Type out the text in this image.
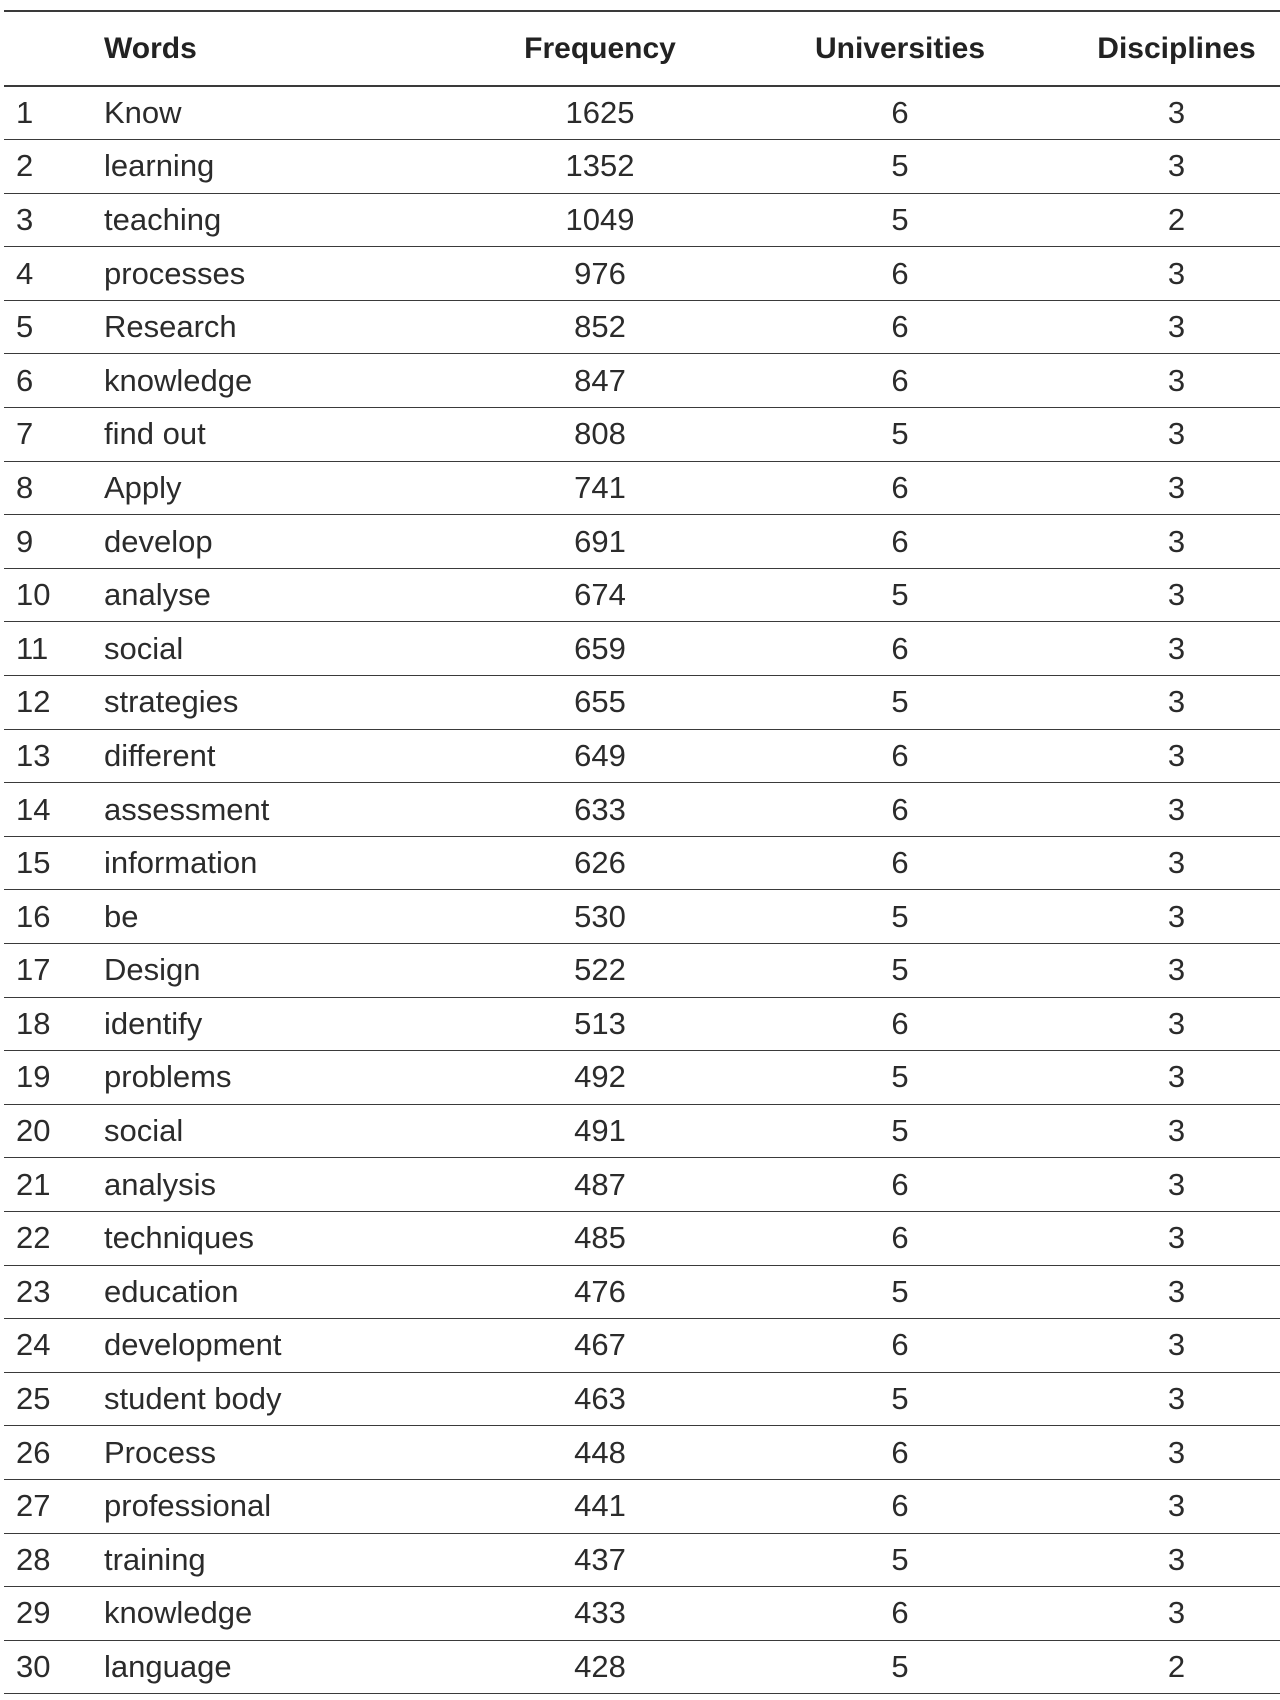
	Words	Frequency	Universities	Disciplines
1	Know	1625	6	3
2	learning	1352	5	3
3	teaching	1049	5	2
4	processes	976	6	3
5	Research	852	6	3
6	knowledge	847	6	3
7	find out	808	5	3
8	Apply	741	6	3
9	develop	691	6	3
10	analyse	674	5	3
11	social	659	6	3
12	strategies	655	5	3
13	different	649	6	3
14	assessment	633	6	3
15	information	626	6	3
16	be	530	5	3
17	Design	522	5	3
18	identify	513	6	3
19	problems	492	5	3
20	social	491	5	3
21	analysis	487	6	3
22	techniques	485	6	3
23	education	476	5	3
24	development	467	6	3
25	student body	463	5	3
26	Process	448	6	3
27	professional	441	6	3
28	training	437	5	3
29	knowledge	433	6	3
30	language	428	5	2
